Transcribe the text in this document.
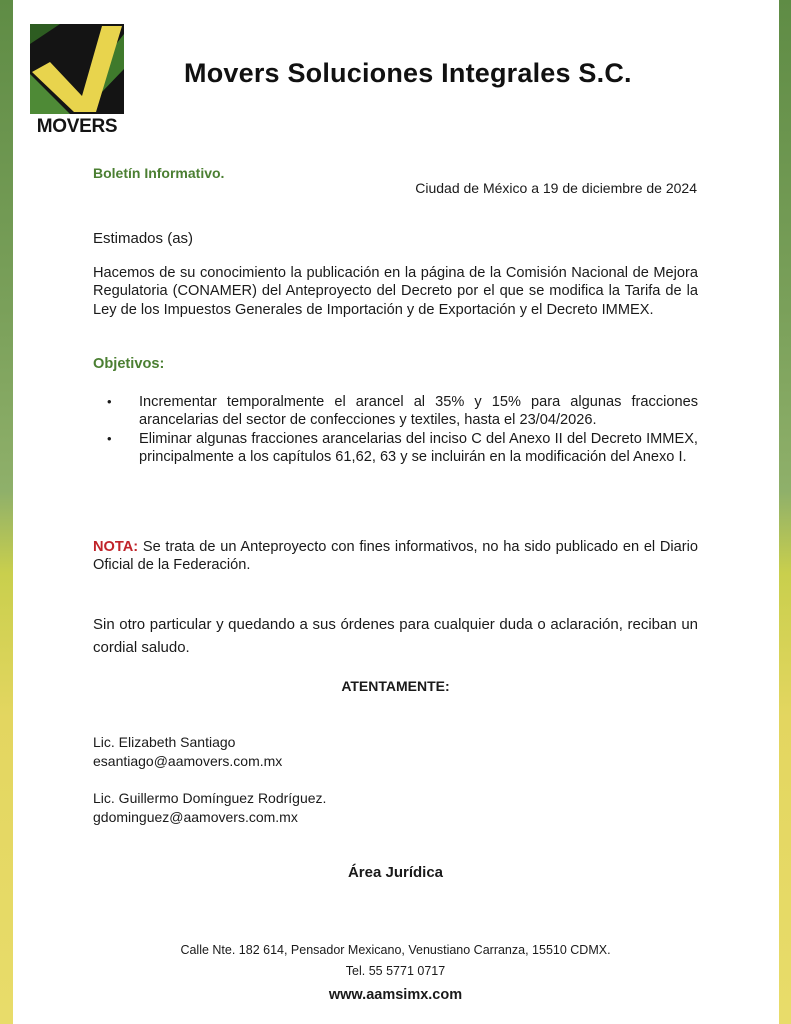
MOVERS
Movers Soluciones Integrales S.C.
Boletín Informativo.
Ciudad de México a 19 de diciembre de 2024
Estimados (as)
Hacemos de su conocimiento la publicación en la página de la Comisión Nacional de Mejora Regulatoria (CONAMER) del Anteproyecto del Decreto por el que se modifica la Tarifa de la Ley de los Impuestos Generales de Importación y de Exportación y el Decreto IMMEX.
Objetivos:
• Incrementar temporalmente el arancel al 35% y 15% para algunas fracciones arancelarias del sector de confecciones y textiles, hasta el 23/04/2026.
• Eliminar algunas fracciones arancelarias del inciso C del Anexo II del Decreto IMMEX, principalmente a los capítulos 61,62, 63 y se incluirán en la modificación del Anexo I.
NOTA: Se trata de un Anteproyecto con fines informativos, no ha sido publicado en el Diario Oficial de la Federación.
Sin otro particular y quedando a sus órdenes para cualquier duda o aclaración, reciban un cordial saludo.
ATENTAMENTE:
Lic. Elizabeth Santiago
esantiago@aamovers.com.mx
Lic. Guillermo Domínguez Rodríguez.
gdominguez@aamovers.com.mx
Área Jurídica
Calle Nte. 182 614, Pensador Mexicano, Venustiano Carranza, 15510 CDMX.
Tel. 55 5771 0717
www.aamsimx.com
